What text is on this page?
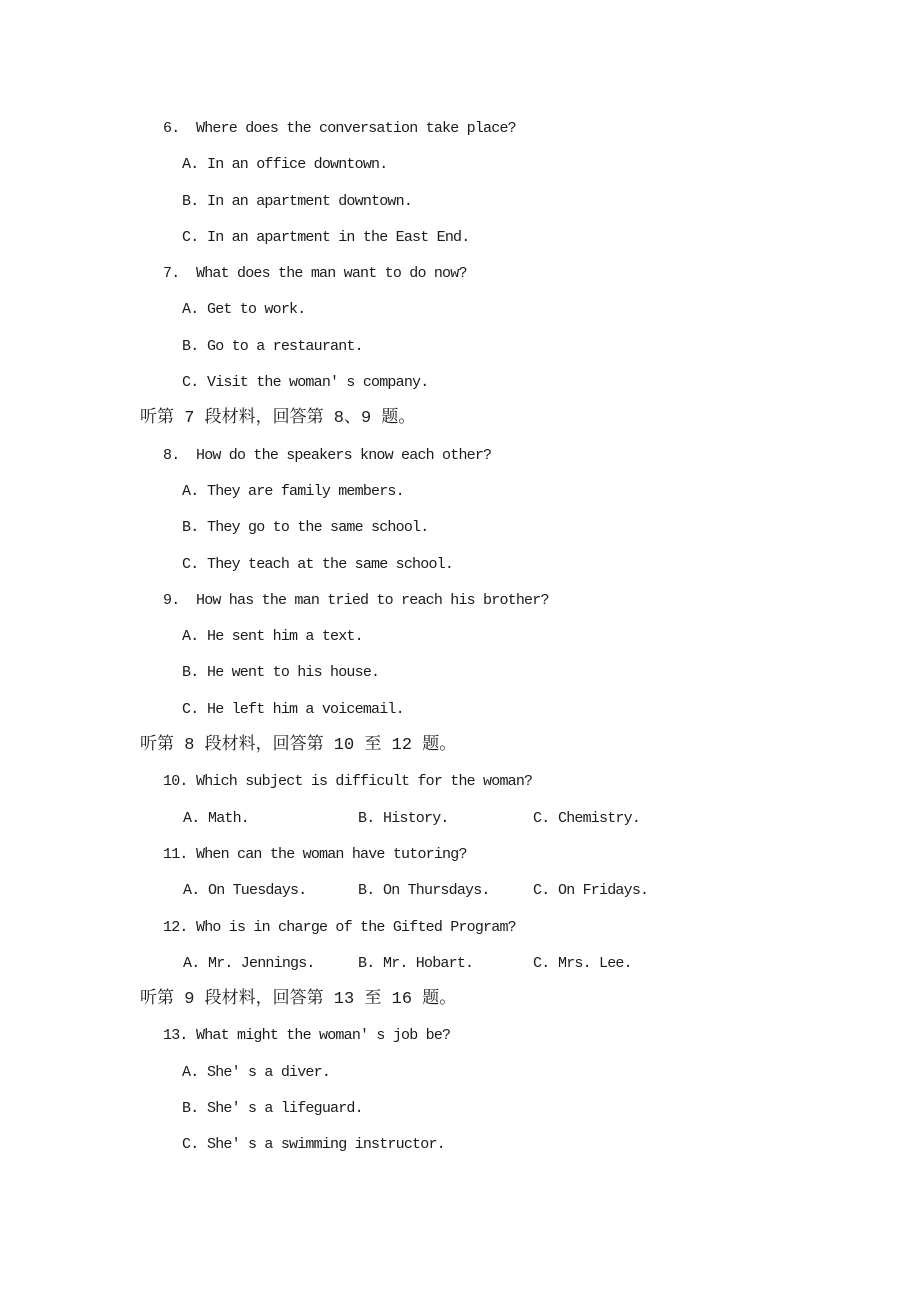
6. Where does the conversation take place?
A. In an office downtown.
B. In an apartment downtown.
C. In an apartment in the East End.
7. What does the man want to do now?
A. Get to work.
B. Go to a restaurant.
C. Visit the woman' s company.
听第 7 段材料，回答第 8、9 题。
8. How do the speakers know each other?
A. They are family members.
B. They go to the same school.
C. They teach at the same school.
9. How has the man tried to reach his brother?
A. He sent him a text.
B. He went to his house.
C. He left him a voicemail.
听第 8 段材料，回答第 10 至 12 题。
10. Which subject is difficult for the woman?
A. Math.	B. History.	C. Chemistry.
11. When can the woman have tutoring?
A. On Tuesdays.	B. On Thursdays.	C. On Fridays.
12. Who is in charge of the Gifted Program?
A. Mr. Jennings.	B. Mr. Hobart.	C. Mrs. Lee.
听第 9 段材料，回答第 13 至 16 题。
13. What might the woman' s job be?
A. She' s a diver.
B. She' s a lifeguard.
C. She' s a swimming instructor.
